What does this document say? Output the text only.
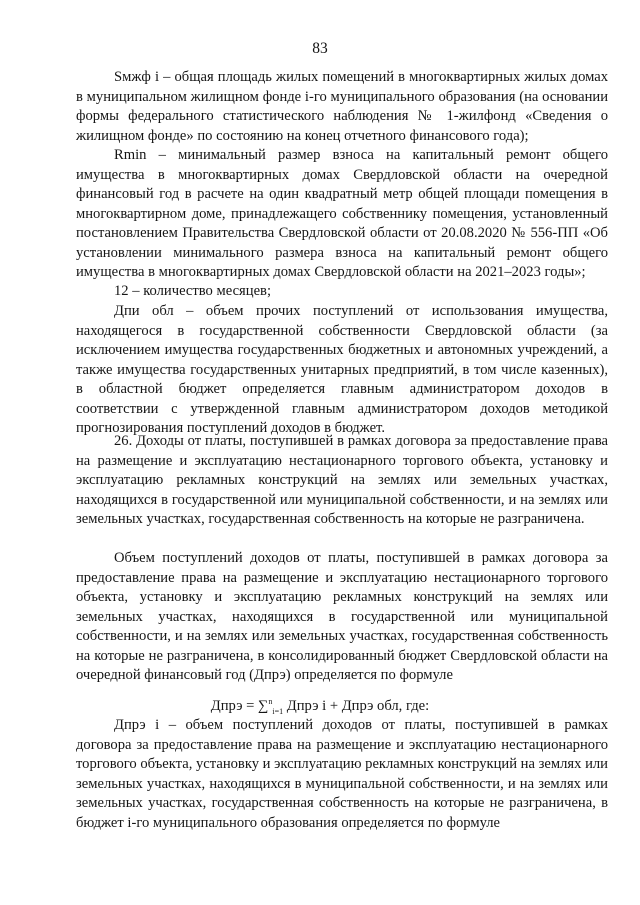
83

Sмжф i – общая площадь жилых помещений в многоквартирных жилых домах в муниципальном жилищном фонде i-го муниципального образования (на основании формы федерального статистического наблюдения № 1-жилфонд «Сведения о жилищном фонде» по состоянию на конец отчетного финансового года);

Rmin – минимальный размер взноса на капитальный ремонт общего имущества в многоквартирных домах Свердловской области на очередной финансовый год в расчете на один квадратный метр общей площади помещения в многоквартирном доме, принадлежащего собственнику помещения, установленный постановлением Правительства Свердловской области от 20.08.2020 № 556-ПП «Об установлении минимального размера взноса на капитальный ремонт общего имущества в многоквартирных домах Свердловской области на 2021–2023 годы»;

12 – количество месяцев;

Дпи обл – объем прочих поступлений от использования имущества, находящегося в государственной собственности Свердловской области (за исключением имущества государственных бюджетных и автономных учреждений, а также имущества государственных унитарных предприятий, в том числе казенных), в областной бюджет определяется главным администратором доходов в соответствии с утвержденной главным администратором доходов методикой прогнозирования поступлений доходов в бюджет.

26. Доходы от платы, поступившей в рамках договора за предоставление права на размещение и эксплуатацию нестационарного торгового объекта, установку и эксплуатацию рекламных конструкций на землях или земельных участках, находящихся в государственной или муниципальной собственности, и на землях или земельных участках, государственная собственность на которые не разграничена.

Объем поступлений доходов от платы, поступившей в рамках договора за предоставление права на размещение и эксплуатацию нестационарного торгового объекта, установку и эксплуатацию рекламных конструкций на землях или земельных участках, находящихся в государственной или муниципальной собственности, и на землях или земельных участках, государственная собственность на которые не разграничена, в консолидированный бюджет Свердловской области на очередной финансовый год (Дпрэ) определяется по формуле

Дпрэ = ∑$^n_{i=1}$ Дпрэ i + Дпрэ обл, где:

Дпрэ i – объем поступлений доходов от платы, поступившей в рамках договора за предоставление права на размещение и эксплуатацию нестационарного торгового объекта, установку и эксплуатацию рекламных конструкций на землях или земельных участках, находящихся в муниципальной собственности, и на землях или земельных участках, государственная собственность на которые не разграничена, в бюджет i-го муниципального образования определяется по формуле
